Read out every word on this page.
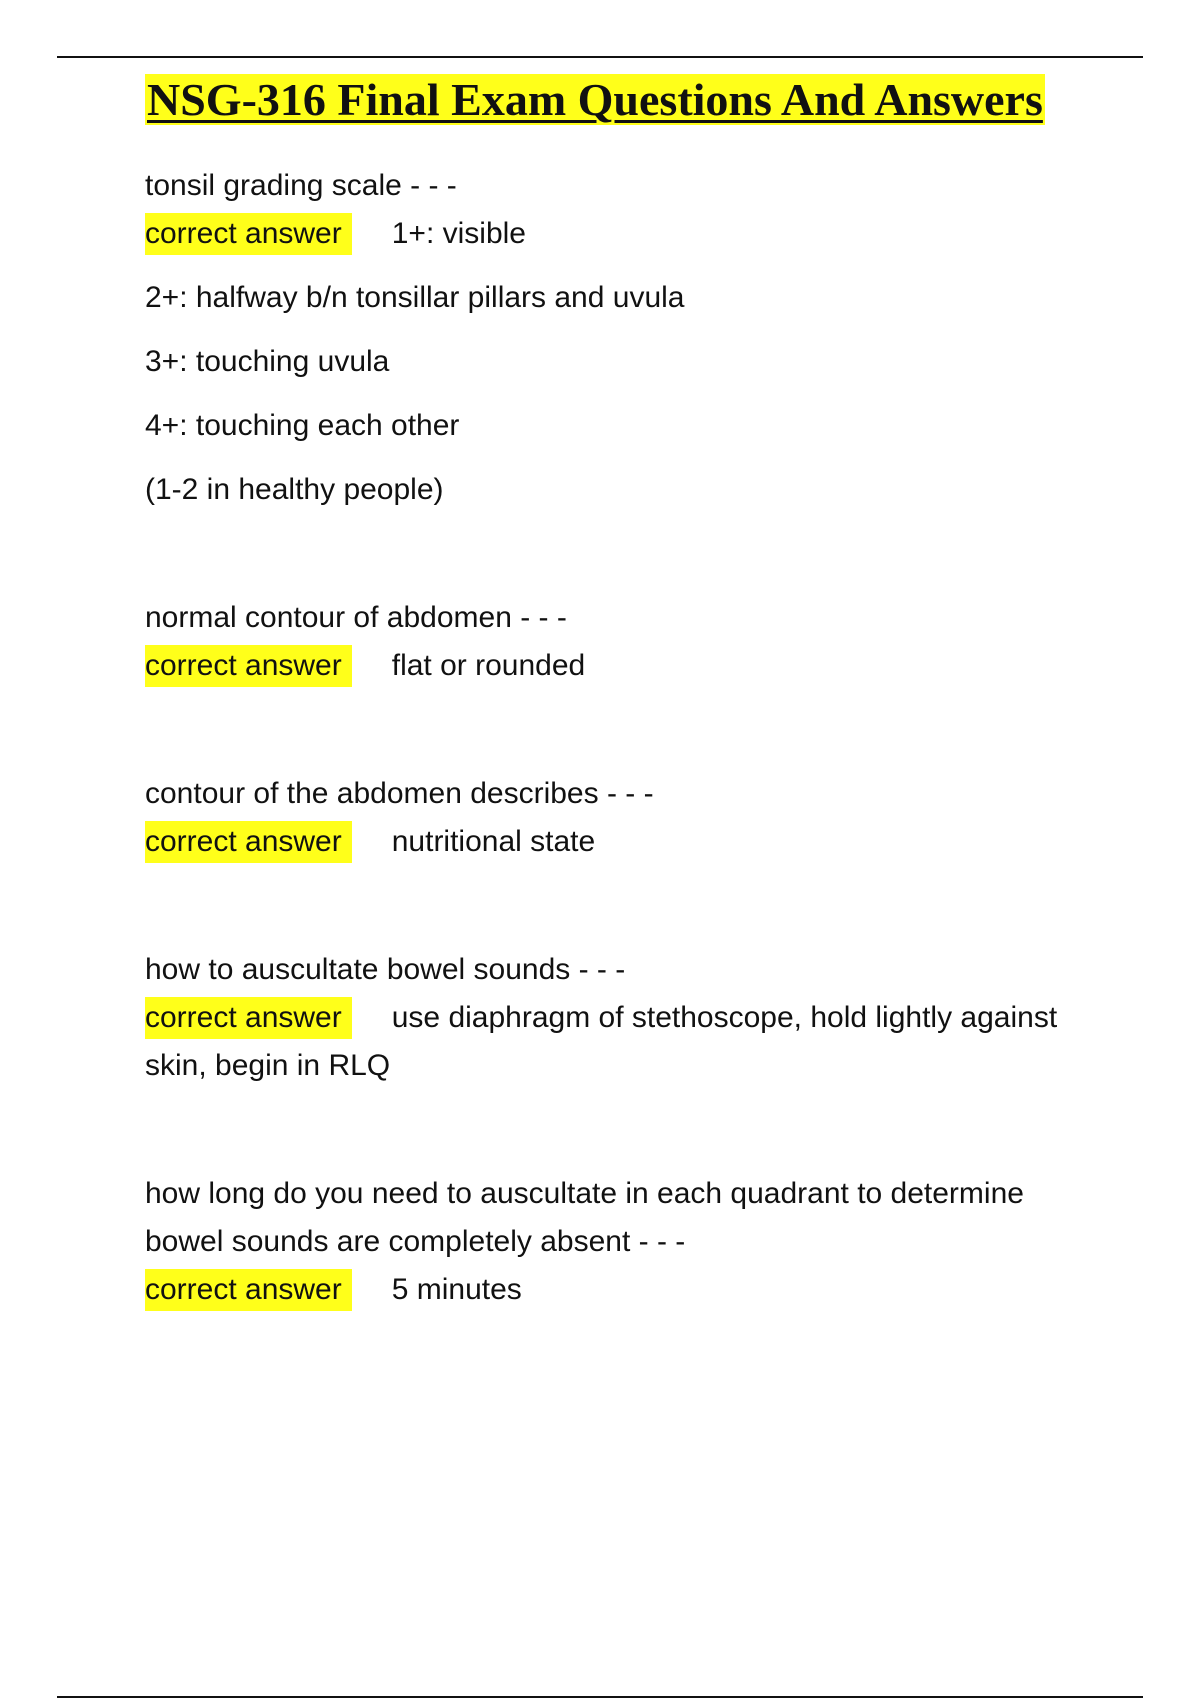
NSG-316 Final Exam Questions And Answers

tonsil grading scale - - -

correct answer 1+: visible

2+: halfway b/n tonsillar pillars and uvula

3+: touching uvula

4+: touching each other

(1-2 in healthy people)

normal contour of abdomen - - -

correct answer flat or rounded

contour of the abdomen describes - - -

correct answer nutritional state

how to auscultate bowel sounds - - -

correct answer use diaphragm of stethoscope, hold lightly against skin, begin in RLQ

how long do you need to auscultate in each quadrant to determine bowel sounds are completely absent - - -

correct answer 5 minutes
